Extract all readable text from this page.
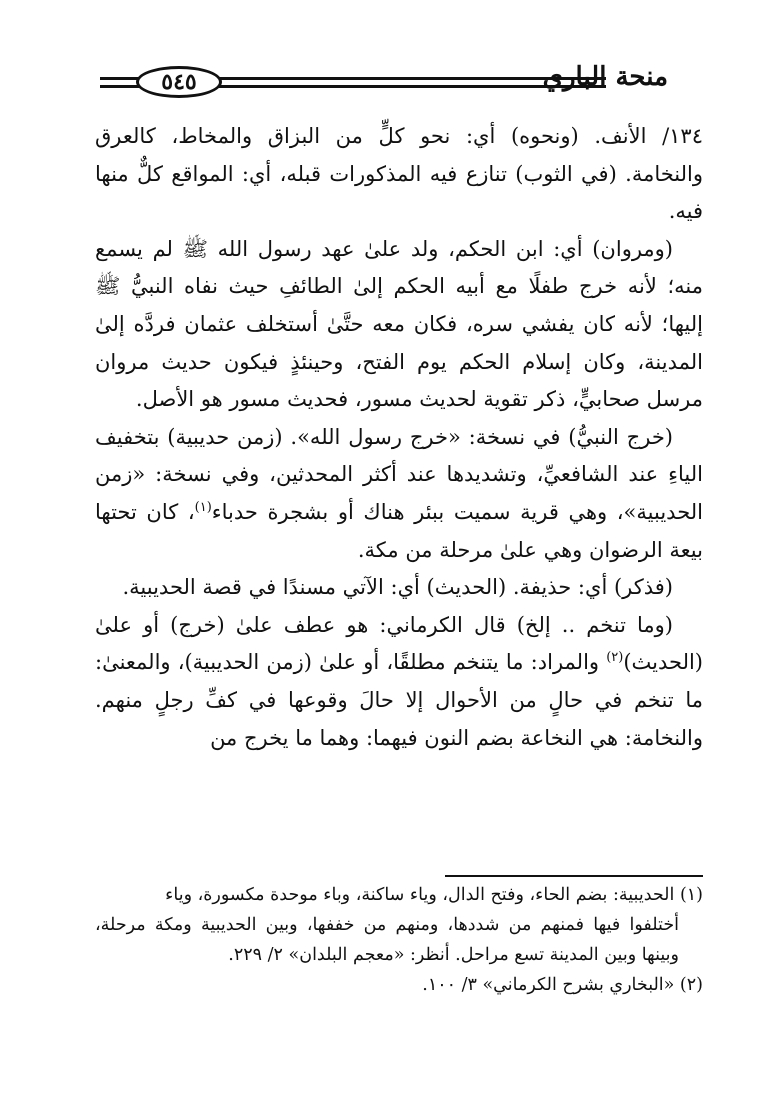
٥٤٥	منحة الباري

١٣٤/ الأنف. (ونحوه) أي: نحو كلٍّ من البزاق والمخاط، كالعرق والنخامة. (في الثوب) تنازع فيه المذكورات قبله، أي: المواقع كلٌّ منها فيه.

(ومروان) أي: ابن الحكم، ولد علىٰ عهد رسول الله ﷺ لم يسمع منه؛ لأنه خرج طفلًا مع أبيه الحكم إلىٰ الطائفِ حيث نفاه النبيُّ ﷺ إليها؛ لأنه كان يفشي سره، فكان معه حتَّىٰ أستخلف عثمان فردَّه إلىٰ المدينة، وكان إسلام الحكم يوم الفتح، وحينئذٍ فيكون حديث مروان مرسل صحابيٍّ، ذكر تقوية لحديث مسور، فحديث مسور هو الأصل.

(خرج النبيُّ) في نسخة: «خرج رسول الله». (زمن حديبية) بتخفيف الياءِ عند الشافعيِّ، وتشديدها عند أكثر المحدثين، وفي نسخة: «زمن الحديبية»، وهي قرية سميت ببئر هناك أو بشجرة حدباء$^{(١)}$، كان تحتها بيعة الرضوان وهي علىٰ مرحلة من مكة.

(فذكر) أي: حذيفة. (الحديث) أي: الآتي مسندًا في قصة الحديبية.

(وما تنخم .. إلخ) قال الكرماني: هو عطف علىٰ (خرج) أو علىٰ (الحديث)$^{(٢)}$ والمراد: ما يتنخم مطلقًا، أو علىٰ (زمن الحديبية)، والمعنىٰ: ما تنخم في حالٍ من الأحوال إلا حالَ وقوعها في كفِّ رجلٍ منهم. والنخامة: هي النخاعة بضم النون فيهما: وهما ما يخرج من

(١) الحديبية: بضم الحاء، وفتح الدال، وياء ساكنة، وباء موحدة مكسورة، وياء

أختلفوا فيها فمنهم من شددها، ومنهم من خففها، وبين الحديبية ومكة مرحلة، وبينها وبين المدينة تسع مراحل. أنظر: «معجم البلدان» ٢/ ٢٢٩.

(٢) «البخاري بشرح الكرماني» ٣/ ١٠٠.
